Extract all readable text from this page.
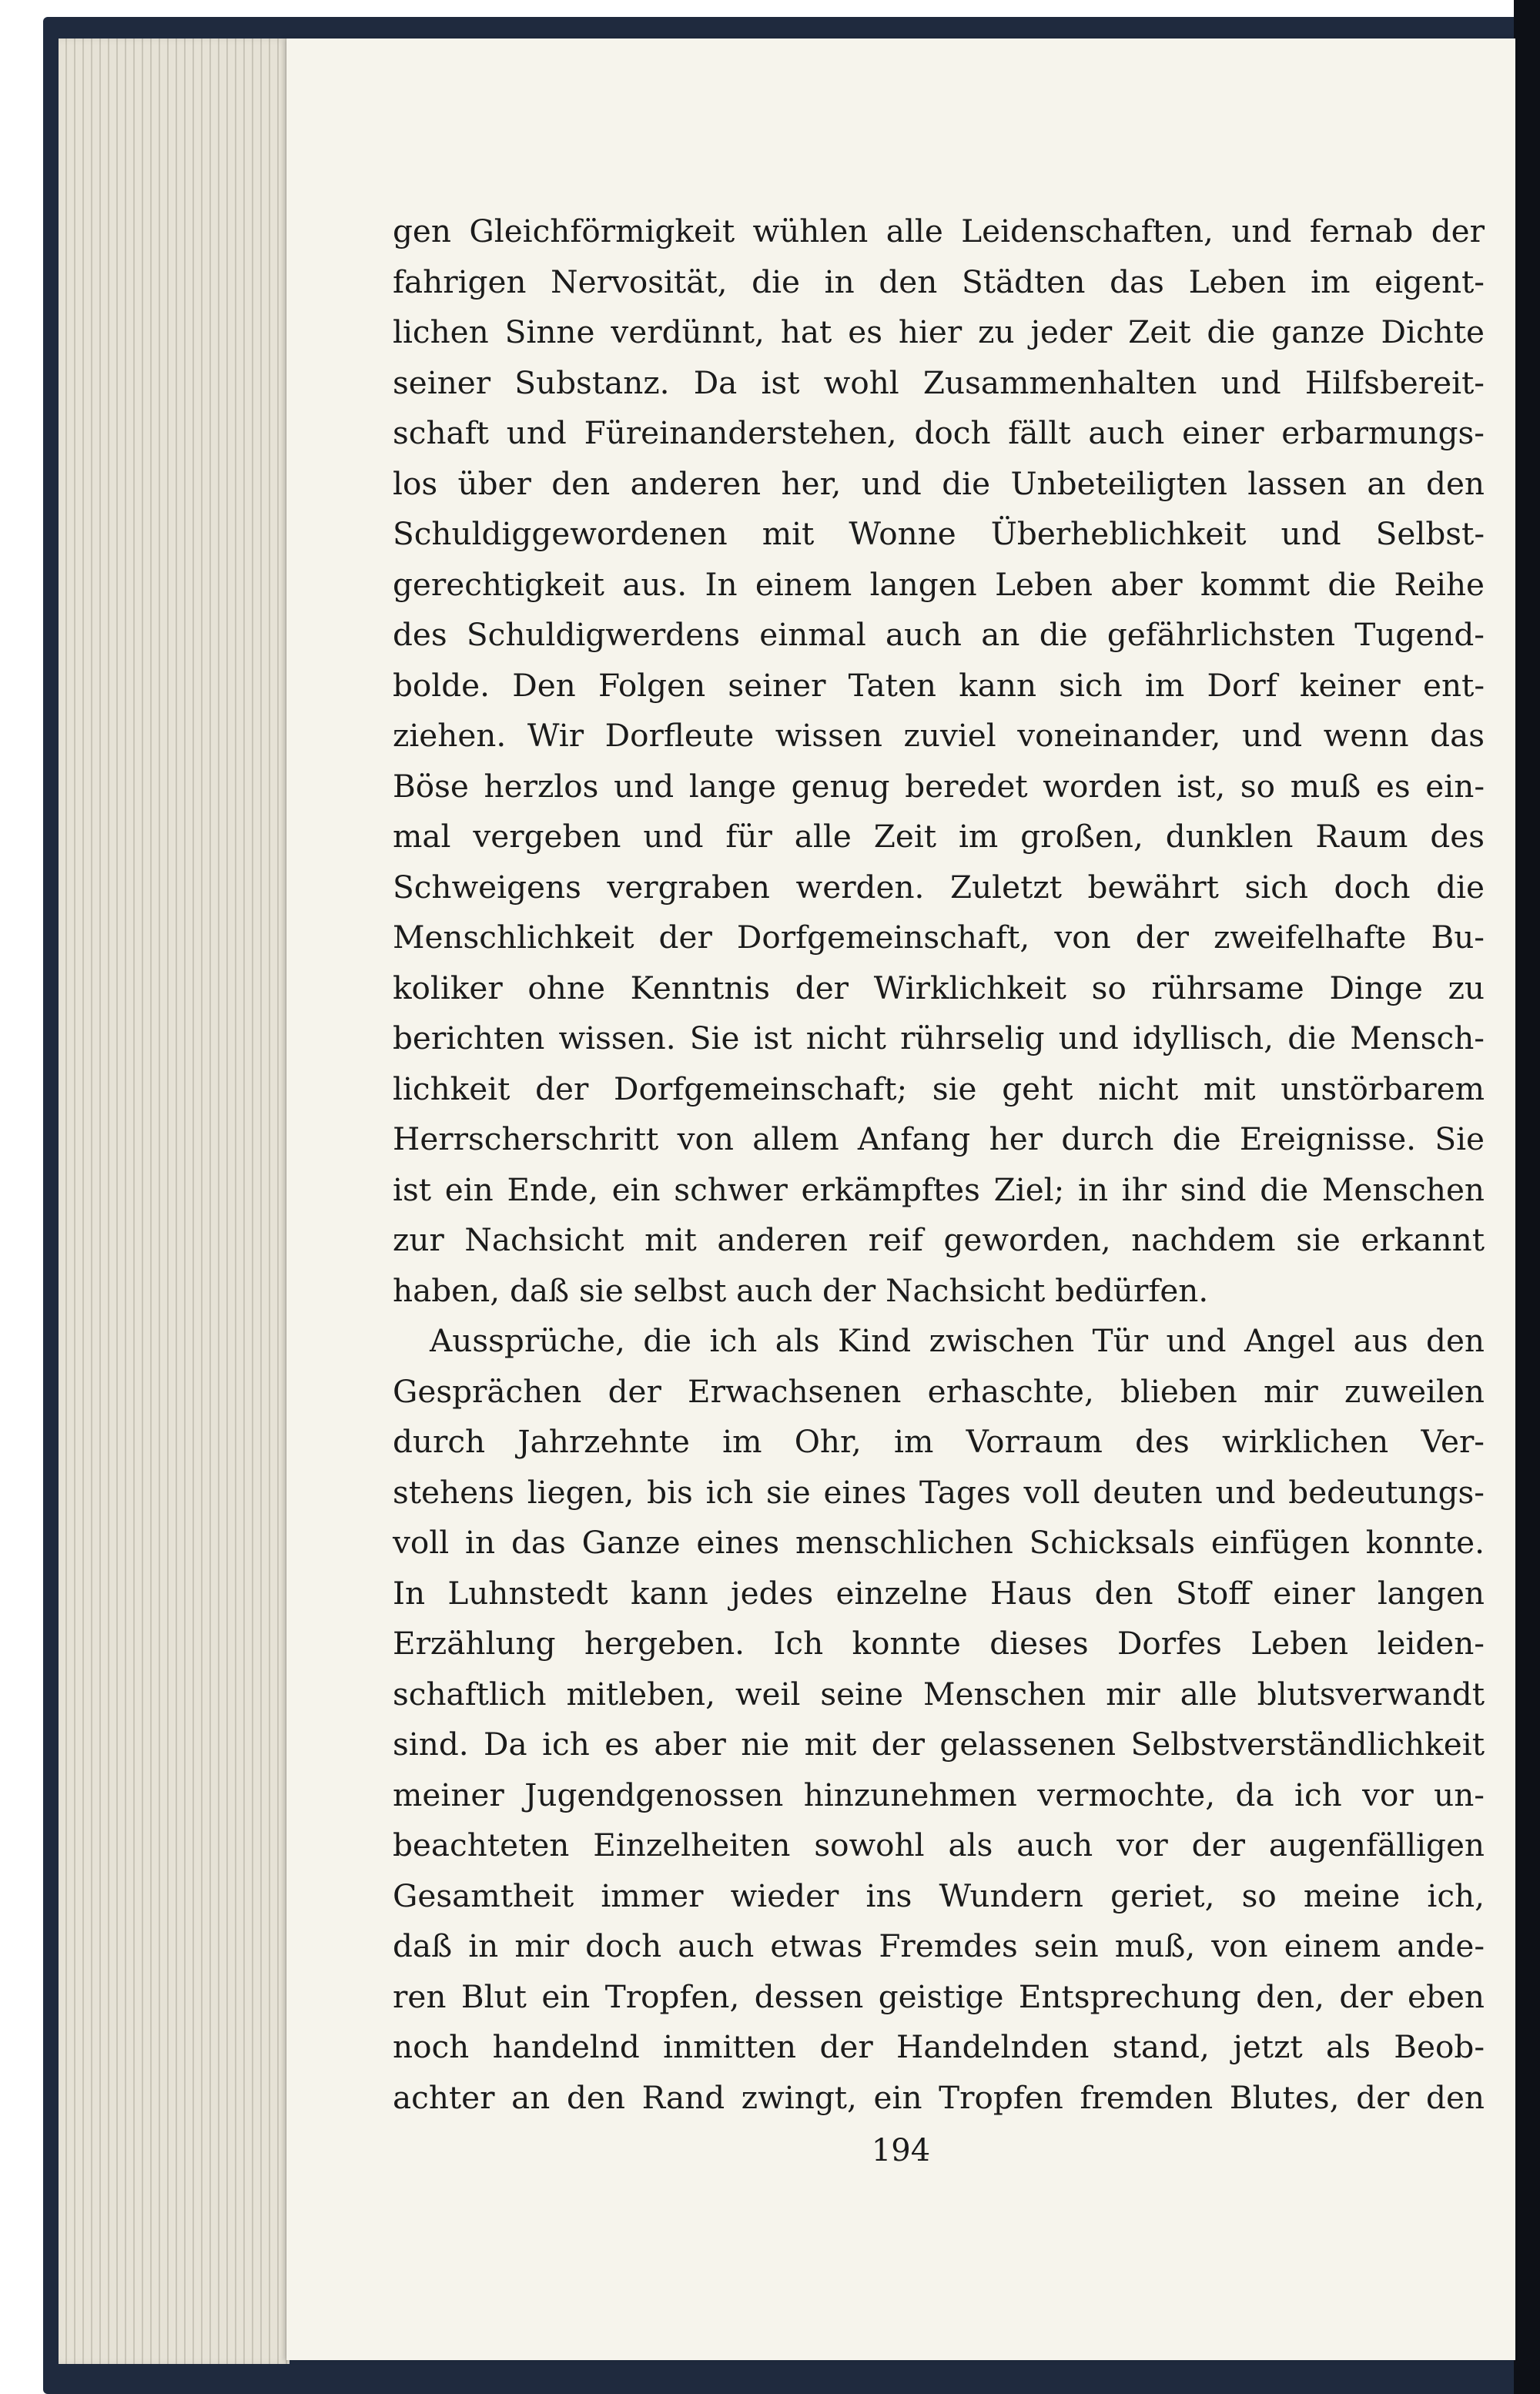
gen Gleichförmigkeit wühlen alle Leidenschaften, und fernab der
fahrigen Nervosität, die in den Städten das Leben im eigent-
lichen Sinne verdünnt, hat es hier zu jeder Zeit die ganze Dichte
seiner Substanz. Da ist wohl Zusammenhalten und Hilfsbereit-
schaft und Füreinanderstehen, doch fällt auch einer erbarmungs-
los über den anderen her, und die Unbeteiligten lassen an den
Schuldiggewordenen mit Wonne Überheblichkeit und Selbst-
gerechtigkeit aus. In einem langen Leben aber kommt die Reihe
des Schuldigwerdens einmal auch an die gefährlichsten Tugend-
bolde. Den Folgen seiner Taten kann sich im Dorf keiner ent-
ziehen. Wir Dorfleute wissen zuviel voneinander, und wenn das
Böse herzlos und lange genug beredet worden ist, so muß es ein-
mal vergeben und für alle Zeit im großen, dunklen Raum des
Schweigens vergraben werden. Zuletzt bewährt sich doch die
Menschlichkeit der Dorfgemeinschaft, von der zweifelhafte Bu-
koliker ohne Kenntnis der Wirklichkeit so rührsame Dinge zu
berichten wissen. Sie ist nicht rührselig und idyllisch, die Mensch-
lichkeit der Dorfgemeinschaft; sie geht nicht mit unstörbarem
Herrscherschritt von allem Anfang her durch die Ereignisse. Sie
ist ein Ende, ein schwer erkämpftes Ziel; in ihr sind die Menschen
zur Nachsicht mit anderen reif geworden, nachdem sie erkannt
haben, daß sie selbst auch der Nachsicht bedürfen.
Aussprüche, die ich als Kind zwischen Tür und Angel aus den
Gesprächen der Erwachsenen erhaschte, blieben mir zuweilen
durch Jahrzehnte im Ohr, im Vorraum des wirklichen Ver-
stehens liegen, bis ich sie eines Tages voll deuten und bedeutungs-
voll in das Ganze eines menschlichen Schicksals einfügen konnte.
In Luhnstedt kann jedes einzelne Haus den Stoff einer langen
Erzählung hergeben. Ich konnte dieses Dorfes Leben leiden-
schaftlich mitleben, weil seine Menschen mir alle blutsverwandt
sind. Da ich es aber nie mit der gelassenen Selbstverständlichkeit
meiner Jugendgenossen hinzunehmen vermochte, da ich vor un-
beachteten Einzelheiten sowohl als auch vor der augenfälligen
Gesamtheit immer wieder ins Wundern geriet, so meine ich,
daß in mir doch auch etwas Fremdes sein muß, von einem ande-
ren Blut ein Tropfen, dessen geistige Entsprechung den, der eben
noch handelnd inmitten der Handelnden stand, jetzt als Beob-
achter an den Rand zwingt, ein Tropfen fremden Blutes, der den
194
